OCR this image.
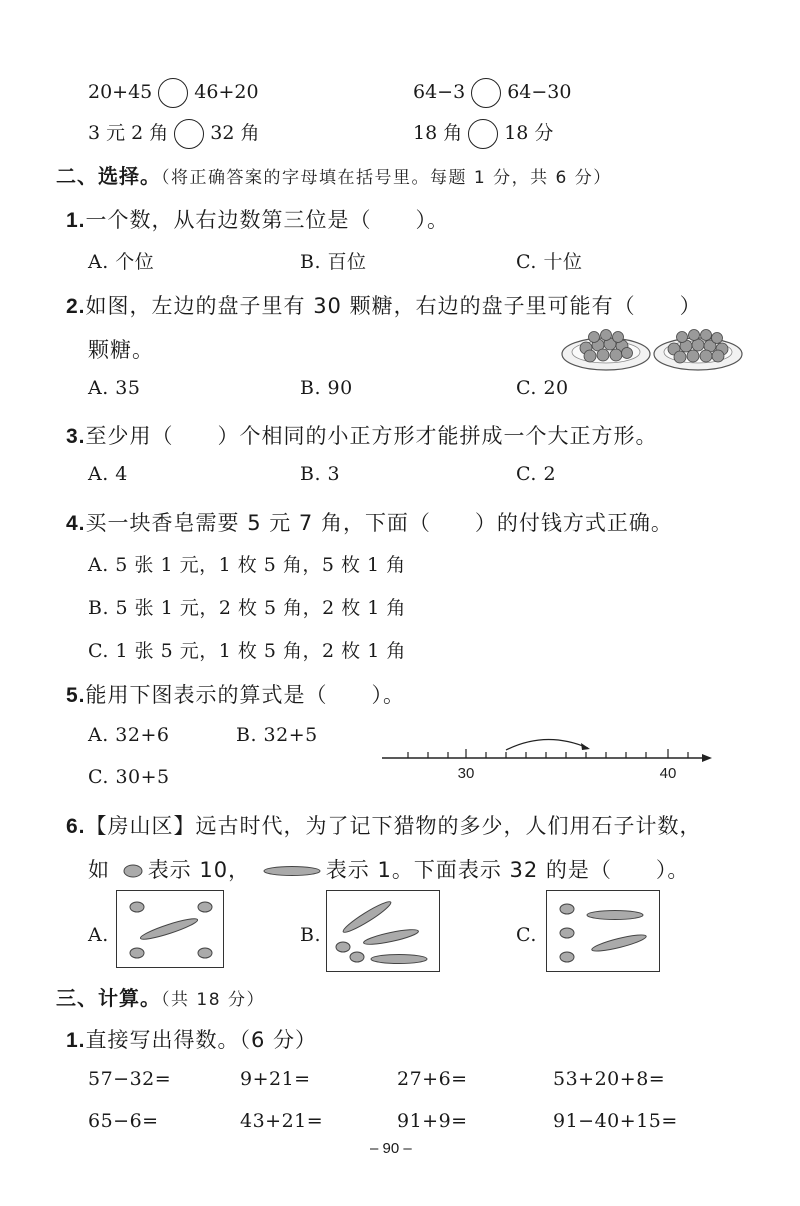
20+45 46+20	64−3 64−30
3 元 2 角 32 角	18 角 18 分
二、选择。（将正确答案的字母填在括号里。每题 1 分，共 6 分）
1.一个数，从右边数第三位是（　　）。
A. 个位	B. 百位	C. 十位
2.如图，左边的盘子里有 30 颗糖，右边的盘子里可能有（　　）
颗糖。
A. 35	B. 90	C. 20
3.至少用（　　）个相同的小正方形才能拼成一个大正方形。
A. 4	B. 3	C. 2
4.买一块香皂需要 5 元 7 角，下面（　　）的付钱方式正确。
A. 5 张 1 元，1 枚 5 角，5 枚 1 角
B. 5 张 1 元，2 枚 5 角，2 枚 1 角
C. 1 张 5 元，1 枚 5 角，2 枚 1 角
5.能用下图表示的算式是（　　）。
A. 32+6	B. 32+5
C. 30+5	30	40
6.【房山区】远古时代，为了记下猎物的多少，人们用石子计数，
如 表示 10，	表示 1。下面表示 32 的是（　　）。
A.	B.	C.
三、计算。（共 18 分）
1.直接写出得数。（6 分）
57−32=	9+21=	27+6=	53+20+8=
65−6=	43+21=	91+9=	91−40+15=
– 90 –
